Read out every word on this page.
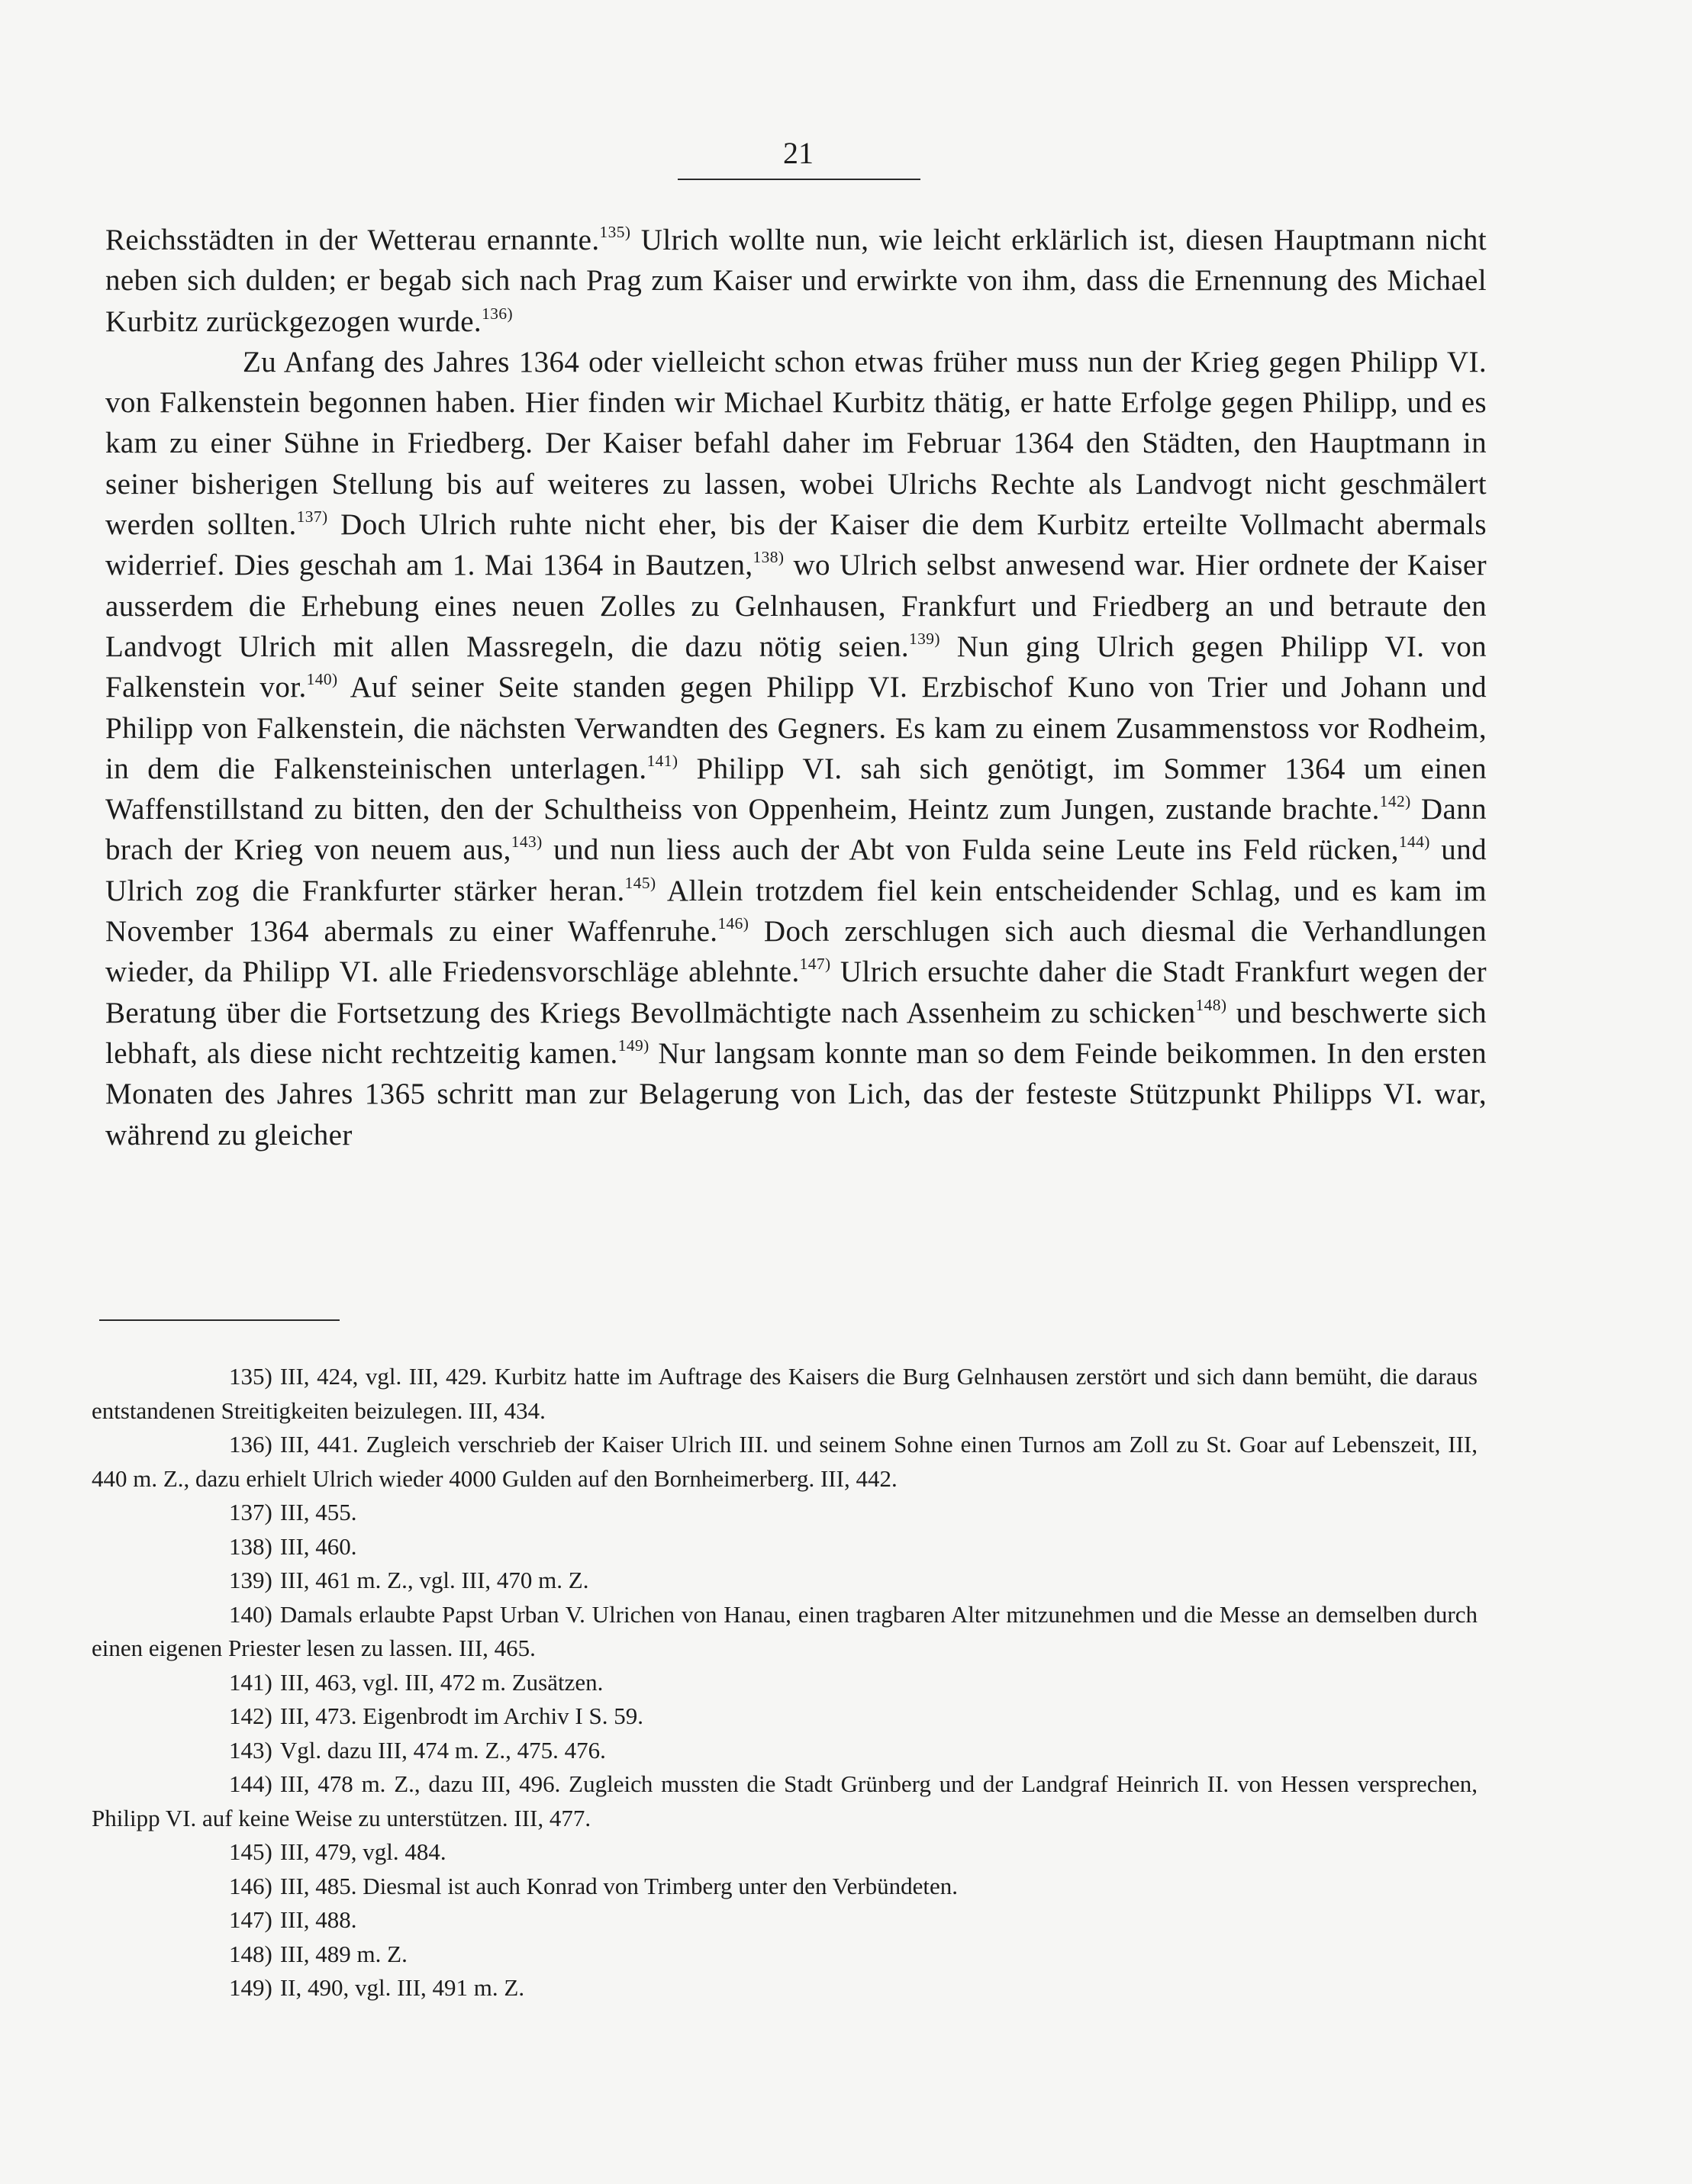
21

Reichsstädten in der Wetterau ernannte.$^{135)}$ Ulrich wollte nun, wie leicht erklärlich ist, diesen Hauptmann nicht neben sich dulden; er begab sich nach Prag zum Kaiser und erwirkte von ihm, dass die Ernennung des Michael Kurbitz zurückgezogen wurde.$^{136)}$

Zu Anfang des Jahres 1364 oder vielleicht schon etwas früher muss nun der Krieg gegen Philipp VI. von Falkenstein begonnen haben. Hier finden wir Michael Kurbitz thätig, er hatte Erfolge gegen Philipp, und es kam zu einer Sühne in Friedberg. Der Kaiser befahl daher im Februar 1364 den Städten, den Hauptmann in seiner bisherigen Stellung bis auf weiteres zu lassen, wobei Ulrichs Rechte als Landvogt nicht geschmälert werden sollten.$^{137)}$ Doch Ulrich ruhte nicht eher, bis der Kaiser die dem Kurbitz erteilte Vollmacht abermals widerrief. Dies geschah am 1. Mai 1364 in Bautzen,$^{138)}$ wo Ulrich selbst anwesend war. Hier ordnete der Kaiser ausserdem die Erhebung eines neuen Zolles zu Gelnhausen, Frankfurt und Friedberg an und betraute den Landvogt Ulrich mit allen Massregeln, die dazu nötig seien.$^{139)}$ Nun ging Ulrich gegen Philipp VI. von Falkenstein vor.$^{140)}$ Auf seiner Seite standen gegen Philipp VI. Erzbischof Kuno von Trier und Johann und Philipp von Falkenstein, die nächsten Verwandten des Gegners. Es kam zu einem Zusammenstoss vor Rodheim, in dem die Falkensteinischen unterlagen.$^{141)}$ Philipp VI. sah sich genötigt, im Sommer 1364 um einen Waffenstillstand zu bitten, den der Schultheiss von Oppenheim, Heintz zum Jungen, zustande brachte.$^{142)}$ Dann brach der Krieg von neuem aus,$^{143)}$ und nun liess auch der Abt von Fulda seine Leute ins Feld rücken,$^{144)}$ und Ulrich zog die Frankfurter stärker heran.$^{145)}$ Allein trotzdem fiel kein entscheidender Schlag, und es kam im November 1364 abermals zu einer Waffenruhe.$^{146)}$ Doch zerschlugen sich auch diesmal die Verhandlungen wieder, da Philipp VI. alle Friedensvorschläge ablehnte.$^{147)}$ Ulrich ersuchte daher die Stadt Frankfurt wegen der Beratung über die Fortsetzung des Kriegs Bevollmächtigte nach Assenheim zu schicken$^{148)}$ und beschwerte sich lebhaft, als diese nicht rechtzeitig kamen.$^{149)}$ Nur langsam konnte man so dem Feinde beikommen. In den ersten Monaten des Jahres 1365 schritt man zur Belagerung von Lich, das der festeste Stützpunkt Philipps VI. war, während zu gleicher

135) III, 424, vgl. III, 429. Kurbitz hatte im Auftrage des Kaisers die Burg Gelnhausen zerstört und sich dann bemüht, die daraus entstandenen Streitigkeiten beizulegen. III, 434.

136) III, 441. Zugleich verschrieb der Kaiser Ulrich III. und seinem Sohne einen Turnos am Zoll zu St. Goar auf Lebenszeit, III, 440 m. Z., dazu erhielt Ulrich wieder 4000 Gulden auf den Bornheimerberg. III, 442.

137) III, 455.

138) III, 460.

139) III, 461 m. Z., vgl. III, 470 m. Z.

140) Damals erlaubte Papst Urban V. Ulrichen von Hanau, einen tragbaren Alter mitzunehmen und die Messe an demselben durch einen eigenen Priester lesen zu lassen. III, 465.

141) III, 463, vgl. III, 472 m. Zusätzen.

142) III, 473. Eigenbrodt im Archiv I S. 59.

143) Vgl. dazu III, 474 m. Z., 475. 476.

144) III, 478 m. Z., dazu III, 496. Zugleich mussten die Stadt Grünberg und der Landgraf Heinrich II. von Hessen versprechen, Philipp VI. auf keine Weise zu unterstützen. III, 477.

145) III, 479, vgl. 484.

146) III, 485. Diesmal ist auch Konrad von Trimberg unter den Verbündeten.

147) III, 488.

148) III, 489 m. Z.

149) II, 490, vgl. III, 491 m. Z.
